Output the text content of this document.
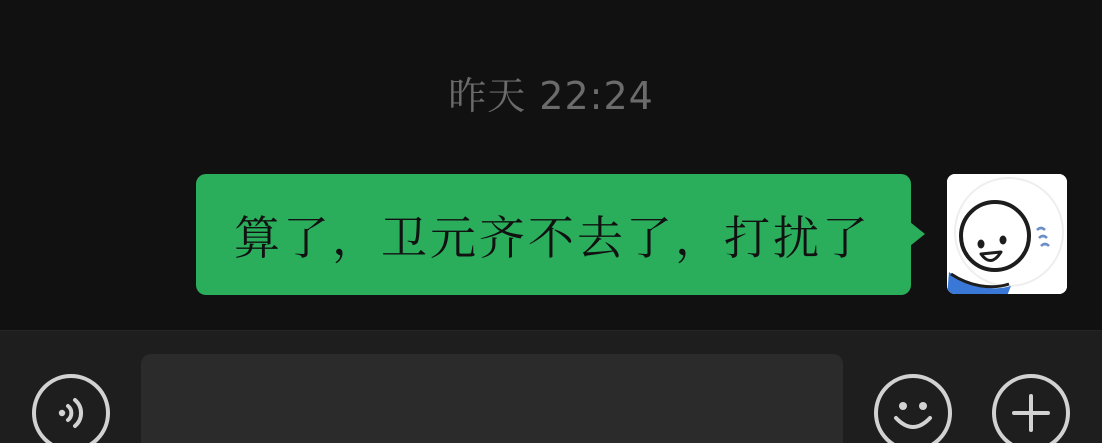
昨天 22:24
算了，卫元齐不去了，打扰了
